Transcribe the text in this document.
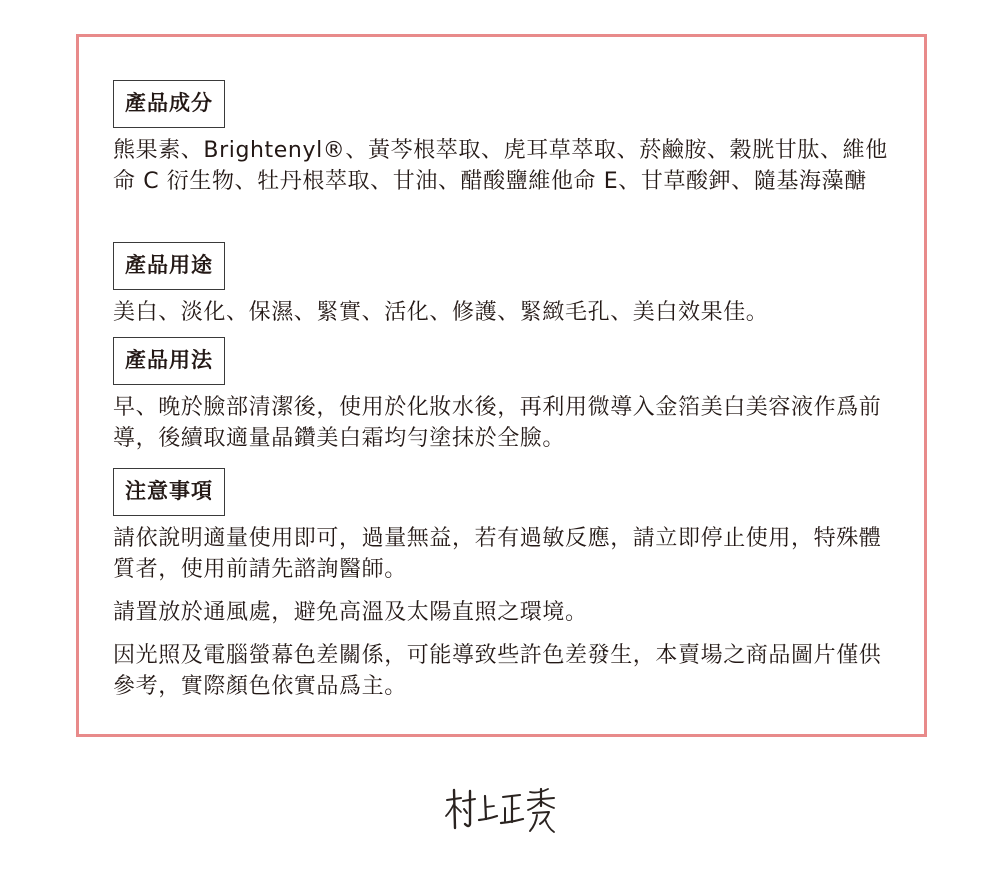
產品成分

熊果素、Brightenyl®、黃芩根萃取、虎耳草萃取、菸鹼胺、穀胱甘肽、維他命 C 衍生物、牡丹根萃取、甘油、醋酸鹽維他命 E、甘草酸鉀、隨基海藻醣

產品用途

美白、淡化、保濕、緊實、活化、修護、緊緻毛孔、美白效果佳。

產品用法

早、晚於臉部清潔後，使用於化妝水後，再利用微導入金箔美白美容液作爲前導，後續取適量晶鑽美白霜均勻塗抹於全臉。

注意事項

請依說明適量使用即可，過量無益，若有過敏反應，請立即停止使用，特殊體質者，使用前請先諮詢醫師。

請置放於通風處，避免高溫及太陽直照之環境。

因光照及電腦螢幕色差關係，可能導致些許色差發生，本賣場之商品圖片僅供參考，實際顏色依實品爲主。
